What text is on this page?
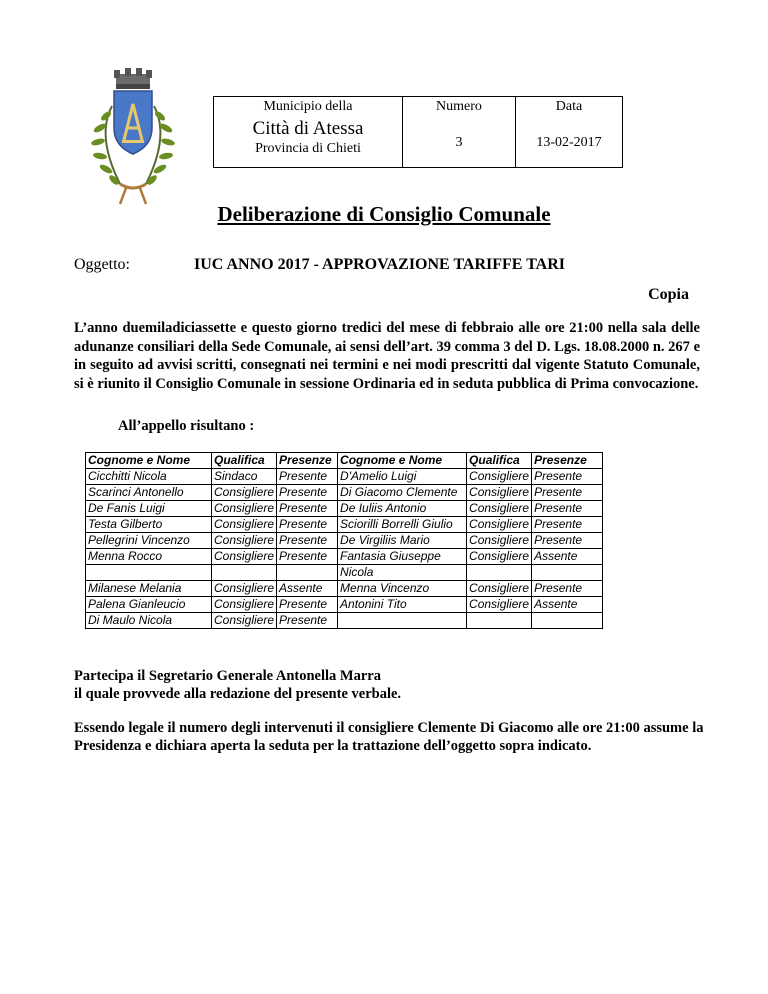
Municipio della
Città di Atessa
Provincia di Chieti

Numero
3

Data
13-02-2017
Deliberazione di Consiglio Comunale
Oggetto:	IUC ANNO 2017 - APPROVAZIONE TARIFFE TARI
Copia
L’anno duemiladiciassette e questo giorno tredici del mese di febbraio alle ore 21:00 nella sala delle adunanze consiliari della Sede Comunale, ai sensi dell’art. 39 comma 3 del D. Lgs. 18.08.2000 n. 267 e in seguito ad avvisi scritti, consegnati nei termini e nei modi prescritti dal vigente Statuto Comunale, si è riunito il Consiglio Comunale in sessione Ordinaria ed in seduta pubblica di Prima convocazione.
All’appello risultano :
Cognome e Nome	Qualifica	Presenze	Cognome e Nome	Qualifica	Presenze
Cicchitti Nicola	Sindaco	Presente	D'Amelio Luigi	Consigliere	Presente
Scarinci Antonello	Consigliere	Presente	Di Giacomo Clemente	Consigliere	Presente
De Fanis Luigi	Consigliere	Presente	De Iuliis Antonio	Consigliere	Presente
Testa Gilberto	Consigliere	Presente	Sciorilli Borrelli Giulio	Consigliere	Presente
Pellegrini Vincenzo	Consigliere	Presente	De Virgiliis Mario	Consigliere	Presente
Menna Rocco	Consigliere	Presente	Fantasia Giuseppe	Consigliere	Assente
			Nicola		
Milanese Melania	Consigliere	Assente	Menna Vincenzo	Consigliere	Presente
Palena Gianleucio	Consigliere	Presente	Antonini Tito	Consigliere	Assente
Di Maulo Nicola	Consigliere	Presente			
Partecipa il Segretario Generale Antonella Marra
il quale provvede alla redazione del presente verbale.
Essendo legale il numero degli intervenuti il consigliere Clemente Di Giacomo alle ore 21:00 assume la Presidenza e dichiara aperta la seduta per la trattazione dell’oggetto sopra indicato.
